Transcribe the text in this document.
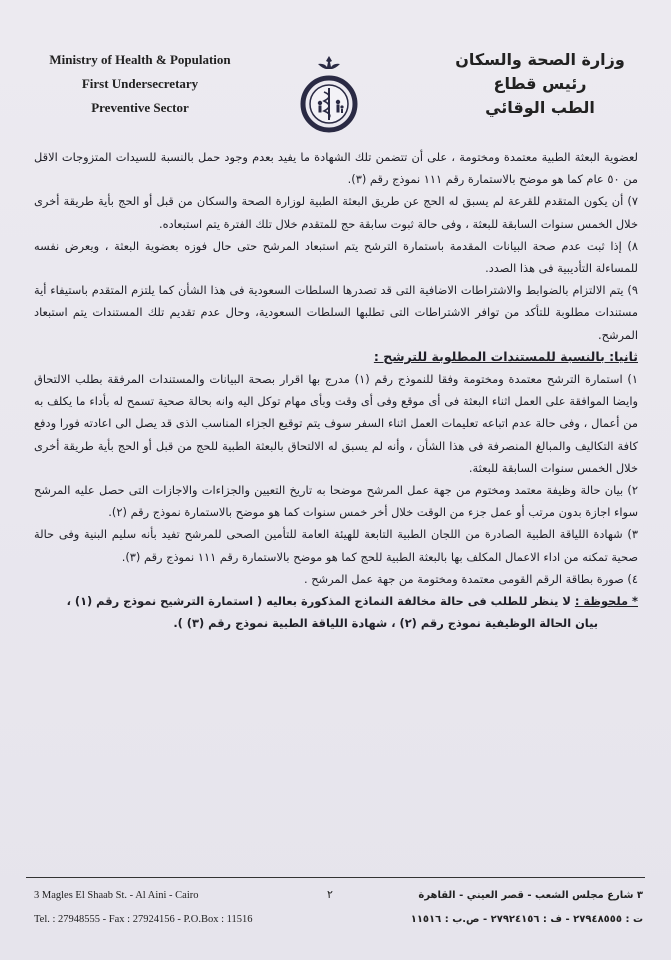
Ministry of Health & Population
First Undersecretary
Preventive Sector
وزارة الصحة والسكان
رئيس قطاع
الطب الوقائي

لعضوية البعثة الطبية معتمدة ومختومة ، على أن تتضمن تلك الشهادة ما يفيد بعدم وجود حمل بالنسبة للسيدات المتزوجات الاقل من ٥٠ عام كما هو موضح بالاستمارة رقم ١١١ نموذج رقم (٣).

٧) أن يكون المتقدم للقرعة لم يسبق له الحج عن طريق البعثة الطبية لوزارة الصحة والسكان من قبل أو الحج بأية طريقة أخرى خلال الخمس سنوات السابقة للبعثة ، وفى حالة ثبوت سابقة حج للمتقدم خلال تلك الفترة يتم استبعاده.

٨) إذا ثبت عدم صحة البيانات المقدمة باستمارة الترشح يتم استبعاد المرشح حتى حال فوزه بعضوية البعثة ، ويعرض نفسه للمساءلة التأديبية فى هذا الصدد.

٩) يتم الالتزام بالضوابط والاشتراطات الاضافية التى قد تصدرها السلطات السعودية فى هذا الشأن كما يلتزم المتقدم باستيفاء أية مستندات مطلوبة للتأكد من توافر الاشتراطات التى تطلبها السلطات السعودية، وحال عدم تقديم تلك المستندات يتم استبعاد المرشح.

ثانيا: بالنسبة للمستندات المطلوبة للترشح :

١) استمارة الترشح معتمدة ومختومة وفقا للنموذج رقم (١) مدرج بها اقرار بصحة البيانات والمستندات المرفقة بطلب الالتحاق وايضا الموافقة على العمل اثناء البعثة فى أى موقع وفى أى وقت وبأى مهام توكل اليه وانه بحالة صحية تسمح له بأداء ما يكلف به من أعمال ، وفى حالة عدم اتباعه تعليمات العمل اثناء السفر سوف يتم توقيع الجزاء المناسب الذى قد يصل الى اعادته فورا ودفع كافة التكاليف والمبالغ المنصرفة فى هذا الشأن ، وأنه لم يسبق له الالتحاق بالبعثة الطبية للحج من قبل أو الحج بأية طريقة أخرى خلال الخمس سنوات السابقة للبعثة.

٢) بيان حالة وظيفة معتمد ومختوم من جهة عمل المرشح موضحا به تاريخ التعيين والجزاءات والاجازات التى حصل عليه المرشح سواء اجازة بدون مرتب أو عمل جزء من الوقت خلال أخر خمس سنوات كما هو موضح بالاستمارة نموذج رقم (٢).

٣) شهادة اللياقة الطبية الصادرة من اللجان الطبية التابعة للهيئة العامة للتأمين الصحى للمرشح تفيد بأنه سليم البنية وفى حالة صحية تمكنه من اداء الاعمال المكلف بها بالبعثة الطبية للحج كما هو موضح بالاستمارة رقم ١١١ نموذج رقم (٣).

٤) صورة بطاقة الرقم القومى معتمدة ومختومة من جهة عمل المرشح .

* ملحوظة : لا ينظر للطلب فى حالة مخالفة النماذج المذكورة بعاليه ( استمارة الترشيح نموذج رقم (١) ،

بيان الحالة الوظيفية نموذج رقم (٢) ، شهادة اللياقة الطبية نموذج رقم (٣) ).

3 Magles El Shaab St. - Al Aini - Cairo
Tel. : 27948555 - Fax : 27924156 - P.O.Box : 11516
٢	٣ شارع مجلس الشعب - قصر العيني - القاهرة
ت : ٢٧٩٤٨٥٥٥ - ف : ٢٧٩٢٤١٥٦ - ص.ب : ١١٥١٦
